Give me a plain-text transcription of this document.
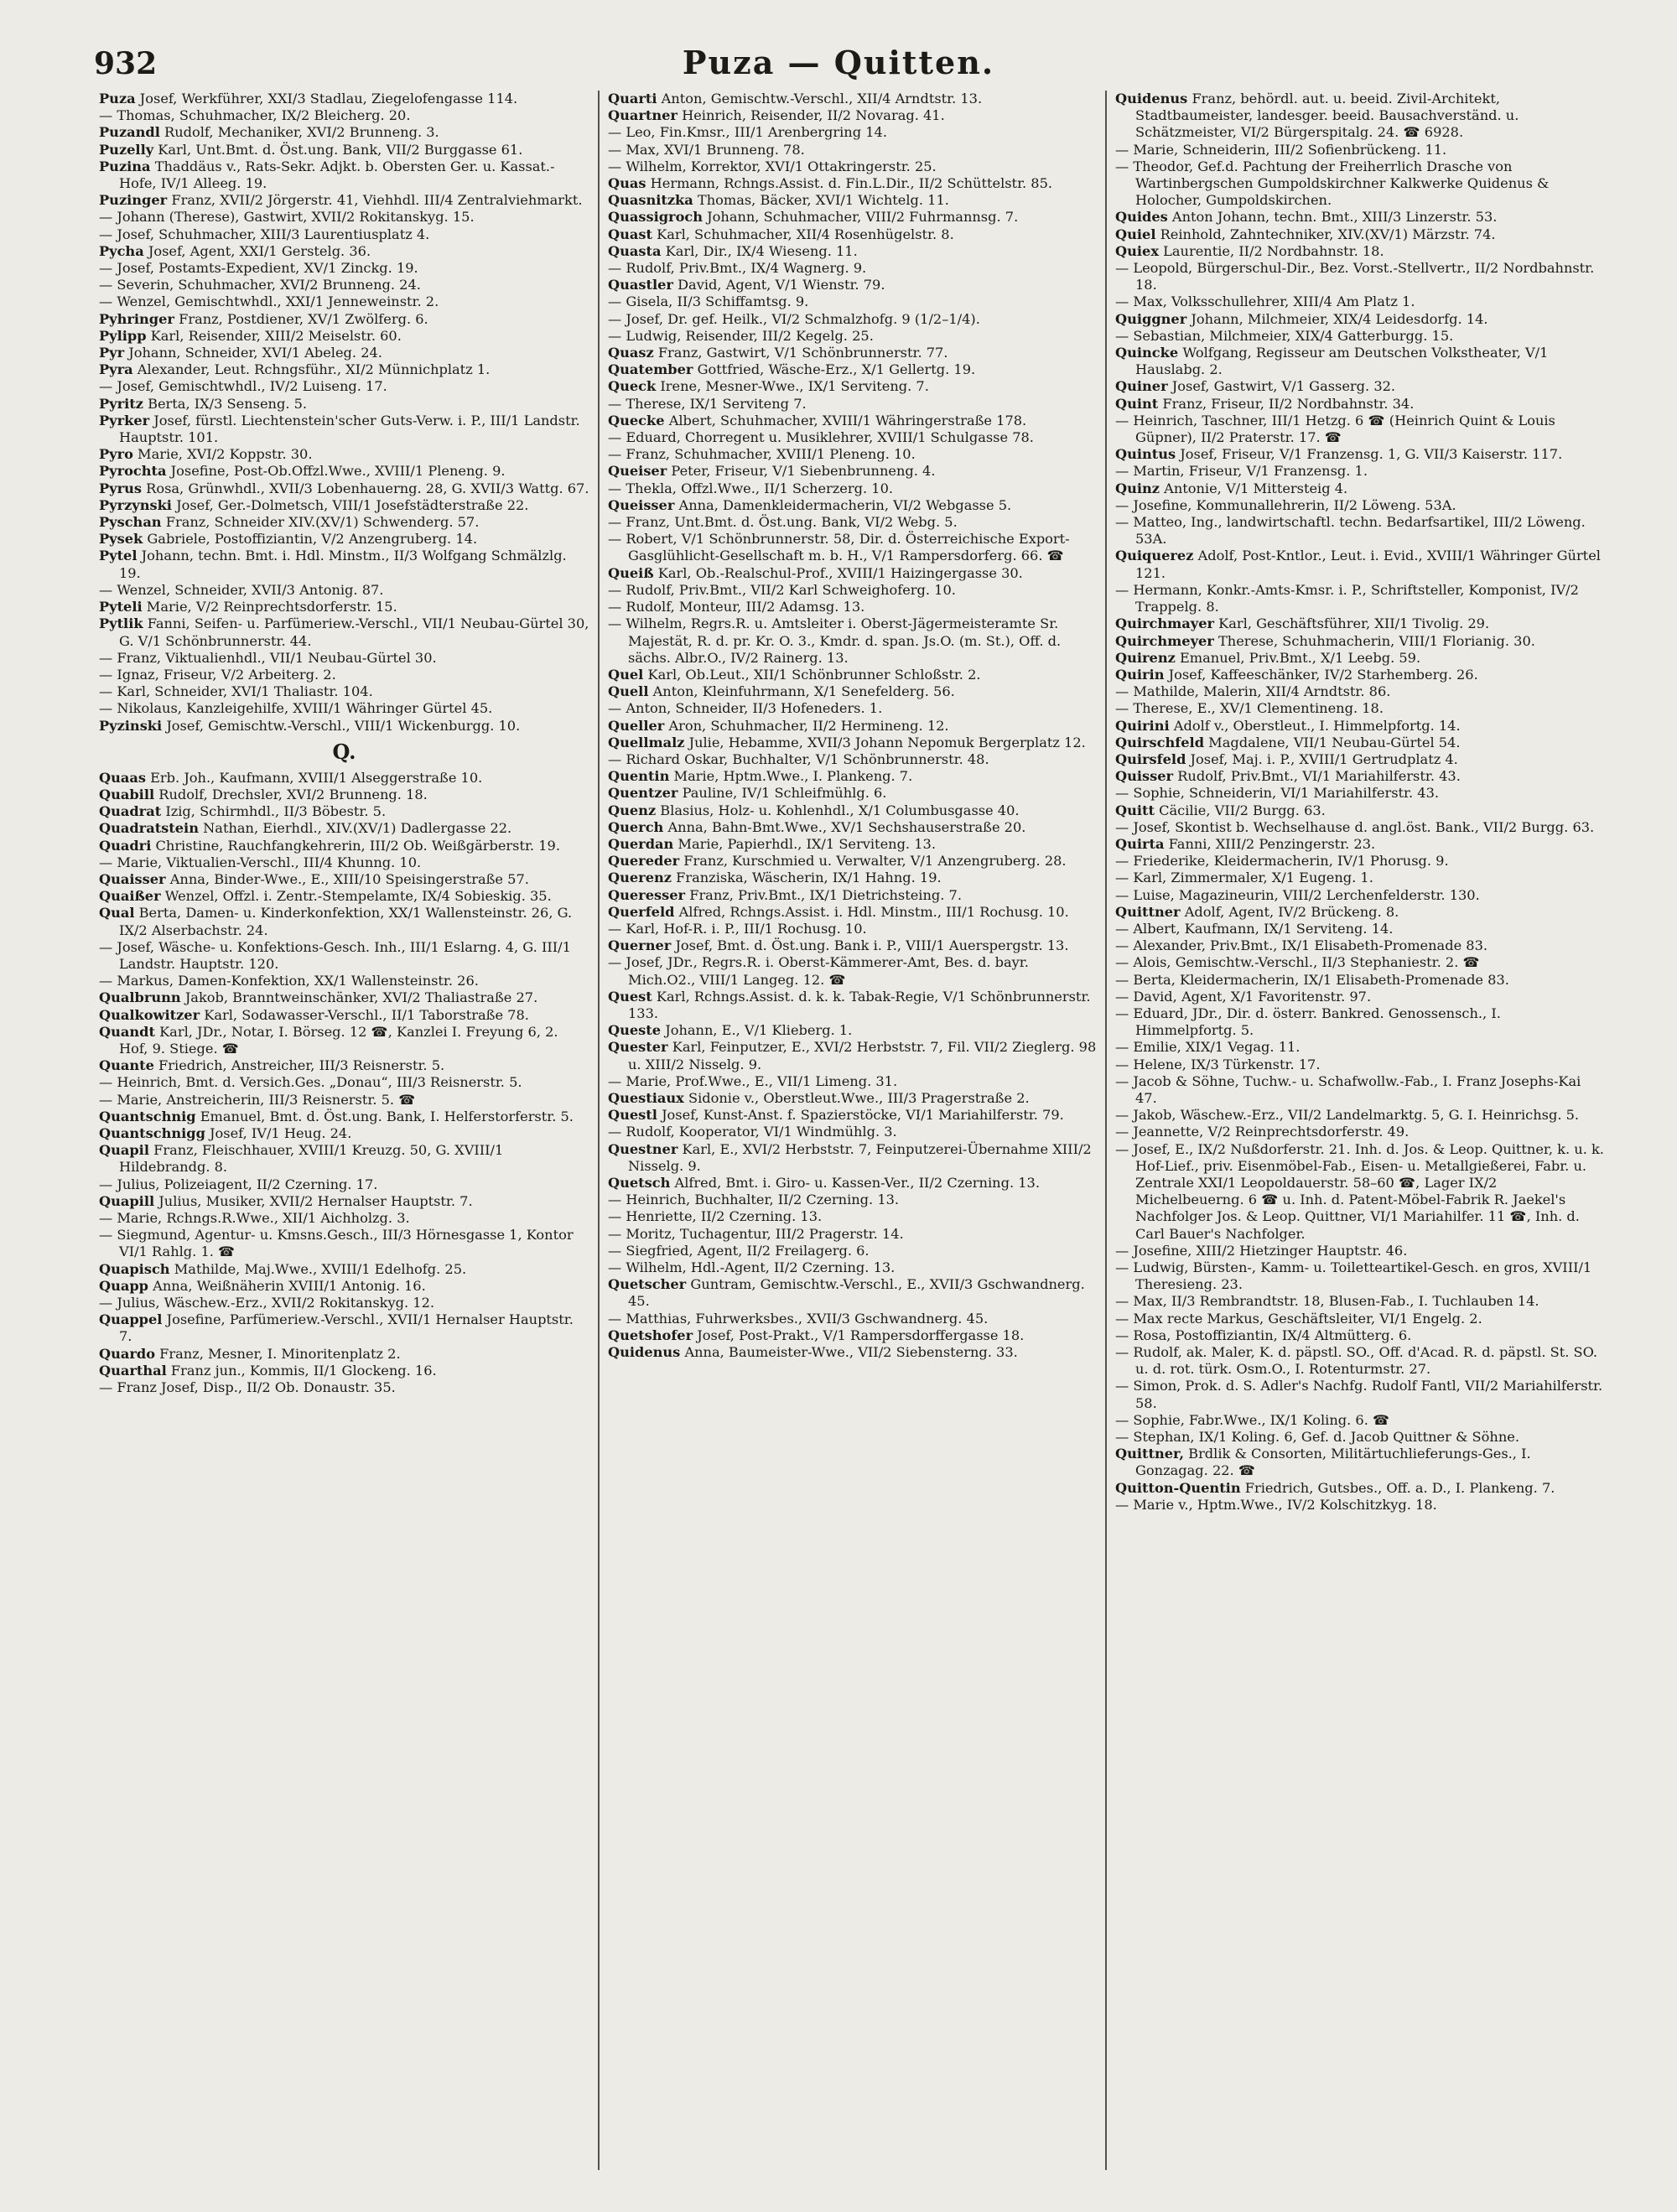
932	Puza — Quitten.
Puza Josef, Werkführer, XXI/3 Stadlau, Ziegelofengasse 114.
— Thomas, Schuhmacher, IX/2 Bleicherg. 20.
Puzandl Rudolf, Mechaniker, XVI/2 Brunneng. 3.
Puzelly Karl, Unt.Bmt. d. Öst.ung. Bank, VII/2 Burggasse 61.
Puzina Thaddäus v., Rats-Sekr. Adjkt. b. Obersten Ger. u. Kassat.-Hofe, IV/1 Alleeg. 19.
Puzinger Franz, XVII/2 Jörgerstr. 41, Viehhdl. III/4 Zentralviehmarkt.
— Johann (Therese), Gastwirt, XVII/2 Rokitanskyg. 15.
— Josef, Schuhmacher, XIII/3 Laurentiusplatz 4.
Pycha Josef, Agent, XXI/1 Gerstelg. 36.
— Josef, Postamts-Expedient, XV/1 Zinckg. 19.
— Severin, Schuhmacher, XVI/2 Brunneng. 24.
— Wenzel, Gemischtwhdl., XXI/1 Jenneweinstr. 2.
Pyhringer Franz, Postdiener, XV/1 Zwölferg. 6.
Pylipp Karl, Reisender, XIII/2 Meiselstr. 60.
Pyr Johann, Schneider, XVI/1 Abeleg. 24.
Pyra Alexander, Leut. Rchngsführ., XI/2 Münnichplatz 1.
— Josef, Gemischtwhdl., IV/2 Luiseng. 17.
Pyritz Berta, IX/3 Senseng. 5.
Pyrker Josef, fürstl. Liechtenstein'scher Guts-Verw. i. P., III/1 Landstr. Hauptstr. 101.
Pyro Marie, XVI/2 Koppstr. 30.
Pyrochta Josefine, Post-Ob.Offzl.Wwe., XVIII/1 Pleneng. 9.
Pyrus Rosa, Grünwhdl., XVII/3 Lobenhauerng. 28, G. XVII/3 Wattg. 67.
Pyrzynski Josef, Ger.-Dolmetsch, VIII/1 Josefstädterstraße 22.
Pyschan Franz, Schneider XIV.(XV/1) Schwenderg. 57.
Pysek Gabriele, Postoffiziantin, V/2 Anzengruberg. 14.
Pytel Johann, techn. Bmt. i. Hdl. Minstm., II/3 Wolfgang Schmälzlg. 19.
— Wenzel, Schneider, XVII/3 Antonig. 87.
Pyteli Marie, V/2 Reinprechtsdorferstr. 15.
Pytlik Fanni, Seifen- u. Parfümeriew.-Verschl., VII/1 Neubau-Gürtel 30, G. V/1 Schönbrunnerstr. 44.
— Franz, Viktualienhdl., VII/1 Neubau-Gürtel 30.
— Ignaz, Friseur, V/2 Arbeiterg. 2.
— Karl, Schneider, XVI/1 Thaliastr. 104.
— Nikolaus, Kanzleigehilfe, XVIII/1 Währinger Gürtel 45.
Pyzinski Josef, Gemischtw.-Verschl., VIII/1 Wickenburgg. 10.
Q.
Quaas Erb. Joh., Kaufmann, XVIII/1 Alseggerstraße 10.
Quabill Rudolf, Drechsler, XVI/2 Brunneng. 18.
Quadrat Izig, Schirmhdl., II/3 Böbestr. 5.
Quadratstein Nathan, Eierhdl., XIV.(XV/1) Dadlergasse 22.
Quadri Christine, Rauchfangkehrerin, III/2 Ob. Weißgärberstr. 19.
— Marie, Viktualien-Verschl., III/4 Khunng. 10.
Quaisser Anna, Binder-Wwe., E., XIII/10 Speisingerstraße 57.
Quaißer Wenzel, Offzl. i. Zentr.-Stempelamte, IX/4 Sobieskig. 35.
Qual Berta, Damen- u. Kinderkonfektion, XX/1 Wallensteinstr. 26, G. IX/2 Alserbachstr. 24.
— Josef, Wäsche- u. Konfektions-Gesch. Inh., III/1 Eslarng. 4, G. III/1 Landstr. Hauptstr. 120.
— Markus, Damen-Konfektion, XX/1 Wallensteinstr. 26.
Qualbrunn Jakob, Branntweinschänker, XVI/2 Thaliastraße 27.
Qualkowitzer Karl, Sodawasser-Verschl., II/1 Taborstraße 78.
Quandt Karl, JDr., Notar, I. Börseg. 12 ☎, Kanzlei I. Freyung 6, 2. Hof, 9. Stiege. ☎
Quante Friedrich, Anstreicher, III/3 Reisnerstr. 5.
— Heinrich, Bmt. d. Versich.Ges. „Donau“, III/3 Reisnerstr. 5.
— Marie, Anstreicherin, III/3 Reisnerstr. 5. ☎
Quantschnig Emanuel, Bmt. d. Öst.ung. Bank, I. Helferstorferstr. 5.
Quantschnigg Josef, IV/1 Heug. 24.
Quapil Franz, Fleischhauer, XVIII/1 Kreuzg. 50, G. XVIII/1 Hildebrandg. 8.
— Julius, Polizeiagent, II/2 Czerning. 17.
Quapill Julius, Musiker, XVII/2 Hernalser Hauptstr. 7.
— Marie, Rchngs.R.Wwe., XII/1 Aichholzg. 3.
— Siegmund, Agentur- u. Kmsns.Gesch., III/3 Hörnesgasse 1, Kontor VI/1 Rahlg. 1. ☎
Quapisch Mathilde, Maj.Wwe., XVIII/1 Edelhofg. 25.
Quapp Anna, Weißnäherin XVIII/1 Antonig. 16.
— Julius, Wäschew.-Erz., XVII/2 Rokitanskyg. 12.
Quappel Josefine, Parfümeriew.-Verschl., XVII/1 Hernalser Hauptstr. 7.
Quardo Franz, Mesner, I. Minoritenplatz 2.
Quarthal Franz jun., Kommis, II/1 Glockeng. 16.
— Franz Josef, Disp., II/2 Ob. Donaustr. 35.
Quarti Anton, Gemischtw.-Verschl., XII/4 Arndtstr. 13.
Quartner Heinrich, Reisender, II/2 Novarag. 41.
— Leo, Fin.Kmsr., III/1 Arenbergring 14.
— Max, XVI/1 Brunneng. 78.
— Wilhelm, Korrektor, XVI/1 Ottakringerstr. 25.
Quas Hermann, Rchngs.Assist. d. Fin.L.Dir., II/2 Schüttelstr. 85.
Quasnitzka Thomas, Bäcker, XVI/1 Wichtelg. 11.
Quassigroch Johann, Schuhmacher, VIII/2 Fuhrmannsg. 7.
Quast Karl, Schuhmacher, XII/4 Rosenhügelstr. 8.
Quasta Karl, Dir., IX/4 Wieseng. 11.
— Rudolf, Priv.Bmt., IX/4 Wagnerg. 9.
Quastler David, Agent, V/1 Wienstr. 79.
— Gisela, II/3 Schiffamtsg. 9.
— Josef, Dr. gef. Heilk., VI/2 Schmalzhofg. 9 (1/2–1/4).
— Ludwig, Reisender, III/2 Kegelg. 25.
Quasz Franz, Gastwirt, V/1 Schönbrunnerstr. 77.
Quatember Gottfried, Wäsche-Erz., X/1 Gellertg. 19.
Queck Irene, Mesner-Wwe., IX/1 Serviteng. 7.
— Therese, IX/1 Serviteng 7.
Quecke Albert, Schuhmacher, XVIII/1 Währingerstraße 178.
— Eduard, Chorregent u. Musiklehrer, XVIII/1 Schulgasse 78.
— Franz, Schuhmacher, XVIII/1 Pleneng. 10.
Queiser Peter, Friseur, V/1 Siebenbrunneng. 4.
— Thekla, Offzl.Wwe., II/1 Scherzerg. 10.
Queisser Anna, Damenkleidermacherin, VI/2 Webgasse 5.
— Franz, Unt.Bmt. d. Öst.ung. Bank, VI/2 Webg. 5.
— Robert, V/1 Schönbrunnerstr. 58, Dir. d. Österreichische Export-Gasglühlicht-Gesellschaft m. b. H., V/1 Rampersdorferg. 66. ☎
Queiß Karl, Ob.-Realschul-Prof., XVIII/1 Haizingergasse 30.
— Rudolf, Priv.Bmt., VII/2 Karl Schweighoferg. 10.
— Rudolf, Monteur, III/2 Adamsg. 13.
— Wilhelm, Regrs.R. u. Amtsleiter i. Oberst-Jägermeisteramte Sr. Majestät, R. d. pr. Kr. O. 3., Kmdr. d. span. Js.O. (m. St.), Off. d. sächs. Albr.O., IV/2 Rainerg. 13.
Quel Karl, Ob.Leut., XII/1 Schönbrunner Schloßstr. 2.
Quell Anton, Kleinfuhrmann, X/1 Senefelderg. 56.
— Anton, Schneider, II/3 Hofeneders. 1.
Queller Aron, Schuhmacher, II/2 Hermineng. 12.
Quellmalz Julie, Hebamme, XVII/3 Johann Nepomuk Bergerplatz 12.
— Richard Oskar, Buchhalter, V/1 Schönbrunnerstr. 48.
Quentin Marie, Hptm.Wwe., I. Plankeng. 7.
Quentzer Pauline, IV/1 Schleifmühlg. 6.
Quenz Blasius, Holz- u. Kohlenhdl., X/1 Columbusgasse 40.
Querch Anna, Bahn-Bmt.Wwe., XV/1 Sechshauserstraße 20.
Querdan Marie, Papierhdl., IX/1 Serviteng. 13.
Quereder Franz, Kurschmied u. Verwalter, V/1 Anzengruberg. 28.
Querenz Franziska, Wäscherin, IX/1 Hahng. 19.
Queresser Franz, Priv.Bmt., IX/1 Dietrichsteing. 7.
Querfeld Alfred, Rchngs.Assist. i. Hdl. Minstm., III/1 Rochusg. 10.
— Karl, Hof-R. i. P., III/1 Rochusg. 10.
Querner Josef, Bmt. d. Öst.ung. Bank i. P., VIII/1 Auerspergstr. 13.
— Josef, JDr., Regrs.R. i. Oberst-Kämmerer-Amt, Bes. d. bayr. Mich.O2., VIII/1 Langeg. 12. ☎
Quest Karl, Rchngs.Assist. d. k. k. Tabak-Regie, V/1 Schönbrunnerstr. 133.
Queste Johann, E., V/1 Klieberg. 1.
Quester Karl, Feinputzer, E., XVI/2 Herbststr. 7, Fil. VII/2 Zieglerg. 98 u. XIII/2 Nisselg. 9.
— Marie, Prof.Wwe., E., VII/1 Limeng. 31.
Questiaux Sidonie v., Oberstleut.Wwe., III/3 Pragerstraße 2.
Questl Josef, Kunst-Anst. f. Spazierstöcke, VI/1 Mariahilferstr. 79.
— Rudolf, Kooperator, VI/1 Windmühlg. 3.
Questner Karl, E., XVI/2 Herbststr. 7, Feinputzerei-Übernahme XIII/2 Nisselg. 9.
Quetsch Alfred, Bmt. i. Giro- u. Kassen-Ver., II/2 Czerning. 13.
— Heinrich, Buchhalter, II/2 Czerning. 13.
— Henriette, II/2 Czerning. 13.
— Moritz, Tuchagentur, III/2 Pragerstr. 14.
— Siegfried, Agent, II/2 Freilagerg. 6.
— Wilhelm, Hdl.-Agent, II/2 Czerning. 13.
Quetscher Guntram, Gemischtw.-Verschl., E., XVII/3 Gschwandnerg. 45.
— Matthias, Fuhrwerksbes., XVII/3 Gschwandnerg. 45.
Quetshofer Josef, Post-Prakt., V/1 Rampersdorffergasse 18.
Quidenus Anna, Baumeister-Wwe., VII/2 Siebensterng. 33.
Quidenus Franz, behördl. aut. u. beeid. Zivil-Architekt, Stadtbaumeister, landesger. beeid. Bausachverständ. u. Schätzmeister, VI/2 Bürgerspitalg. 24. ☎ 6928.
— Marie, Schneiderin, III/2 Sofienbrückeng. 11.
— Theodor, Gef.d. Pachtung der Freiherrlich Drasche von Wartinbergschen Gumpoldskirchner Kalkwerke Quidenus & Holocher, Gumpoldskirchen.
Quides Anton Johann, techn. Bmt., XIII/3 Linzerstr. 53.
Quiel Reinhold, Zahntechniker, XIV.(XV/1) Märzstr. 74.
Quiex Laurentie, II/2 Nordbahnstr. 18.
— Leopold, Bürgerschul-Dir., Bez. Vorst.-Stellvertr., II/2 Nordbahnstr. 18.
— Max, Volksschullehrer, XIII/4 Am Platz 1.
Quiggner Johann, Milchmeier, XIX/4 Leidesdorfg. 14.
— Sebastian, Milchmeier, XIX/4 Gatterburgg. 15.
Quincke Wolfgang, Regisseur am Deutschen Volkstheater, V/1 Hauslabg. 2.
Quiner Josef, Gastwirt, V/1 Gasserg. 32.
Quint Franz, Friseur, II/2 Nordbahnstr. 34.
— Heinrich, Taschner, III/1 Hetzg. 6 ☎ (Heinrich Quint & Louis Güpner), II/2 Praterstr. 17. ☎
Quintus Josef, Friseur, V/1 Franzensg. 1, G. VII/3 Kaiserstr. 117.
— Martin, Friseur, V/1 Franzensg. 1.
Quinz Antonie, V/1 Mittersteig 4.
— Josefine, Kommunallehrerin, II/2 Löweng. 53A.
— Matteo, Ing., landwirtschaftl. techn. Bedarfsartikel, III/2 Löweng. 53A.
Quiquerez Adolf, Post-Kntlor., Leut. i. Evid., XVIII/1 Währinger Gürtel 121.
— Hermann, Konkr.-Amts-Kmsr. i. P., Schriftsteller, Komponist, IV/2 Trappelg. 8.
Quirchmayer Karl, Geschäftsführer, XII/1 Tivolig. 29.
Quirchmeyer Therese, Schuhmacherin, VIII/1 Florianig. 30.
Quirenz Emanuel, Priv.Bmt., X/1 Leebg. 59.
Quirin Josef, Kaffeeschänker, IV/2 Starhemberg. 26.
— Mathilde, Malerin, XII/4 Arndtstr. 86.
— Therese, E., XV/1 Clementineng. 18.
Quirini Adolf v., Oberstleut., I. Himmelpfortg. 14.
Quirschfeld Magdalene, VII/1 Neubau-Gürtel 54.
Quirsfeld Josef, Maj. i. P., XVIII/1 Gertrudplatz 4.
Quisser Rudolf, Priv.Bmt., VI/1 Mariahilferstr. 43.
— Sophie, Schneiderin, VI/1 Mariahilferstr. 43.
Quitt Cäcilie, VII/2 Burgg. 63.
— Josef, Skontist b. Wechselhause d. angl.öst. Bank., VII/2 Burgg. 63.
Quirta Fanni, XIII/2 Penzingerstr. 23.
— Friederike, Kleidermacherin, IV/1 Phorusg. 9.
— Karl, Zimmermaler, X/1 Eugeng. 1.
— Luise, Magazineurin, VIII/2 Lerchenfelderstr. 130.
Quittner Adolf, Agent, IV/2 Brückeng. 8.
— Albert, Kaufmann, IX/1 Serviteng. 14.
— Alexander, Priv.Bmt., IX/1 Elisabeth-Promenade 83.
— Alois, Gemischtw.-Verschl., II/3 Stephaniestr. 2. ☎
— Berta, Kleidermacherin, IX/1 Elisabeth-Promenade 83.
— David, Agent, X/1 Favoritenstr. 97.
— Eduard, JDr., Dir. d. österr. Bankred. Genossensch., I. Himmelpfortg. 5.
— Emilie, XIX/1 Vegag. 11.
— Helene, IX/3 Türkenstr. 17.
— Jacob & Söhne, Tuchw.- u. Schafwollw.-Fab., I. Franz Josephs-Kai 47.
— Jakob, Wäschew.-Erz., VII/2 Landelmarktg. 5, G. I. Heinrichsg. 5.
— Jeannette, V/2 Reinprechtsdorferstr. 49.
— Josef, E., IX/2 Nußdorferstr. 21. Inh. d. Jos. & Leop. Quittner, k. u. k. Hof-Lief., priv. Eisenmöbel-Fab., Eisen- u. Metallgießerei, Fabr. u. Zentrale XXI/1 Leopoldauerstr. 58–60 ☎, Lager IX/2 Michelbeuerng. 6 ☎ u. Inh. d. Patent-Möbel-Fabrik R. Jaekel's Nachfolger Jos. & Leop. Quittner, VI/1 Mariahilfer. 11 ☎, Inh. d. Carl Bauer's Nachfolger.
— Josefine, XIII/2 Hietzinger Hauptstr. 46.
— Ludwig, Bürsten-, Kamm- u. Toiletteartikel-Gesch. en gros, XVIII/1 Theresieng. 23.
— Max, II/3 Rembrandtstr. 18, Blusen-Fab., I. Tuchlauben 14.
— Max recte Markus, Geschäftsleiter, VI/1 Engelg. 2.
— Rosa, Postoffiziantin, IX/4 Altmütterg. 6.
— Rudolf, ak. Maler, K. d. päpstl. SO., Off. d'Acad. R. d. päpstl. St. SO. u. d. rot. türk. Osm.O., I. Rotenturmstr. 27.
— Simon, Prok. d. S. Adler's Nachfg. Rudolf Fantl, VII/2 Mariahilferstr. 58.
— Sophie, Fabr.Wwe., IX/1 Koling. 6. ☎
— Stephan, IX/1 Koling. 6, Gef. d. Jacob Quittner & Söhne.
Quittner, Brdlik & Consorten, Militärtuchlieferungs-Ges., I. Gonzagag. 22. ☎
Quitton-Quentin Friedrich, Gutsbes., Off. a. D., I. Plankeng. 7.
— Marie v., Hptm.Wwe., IV/2 Kolschitzkyg. 18.
